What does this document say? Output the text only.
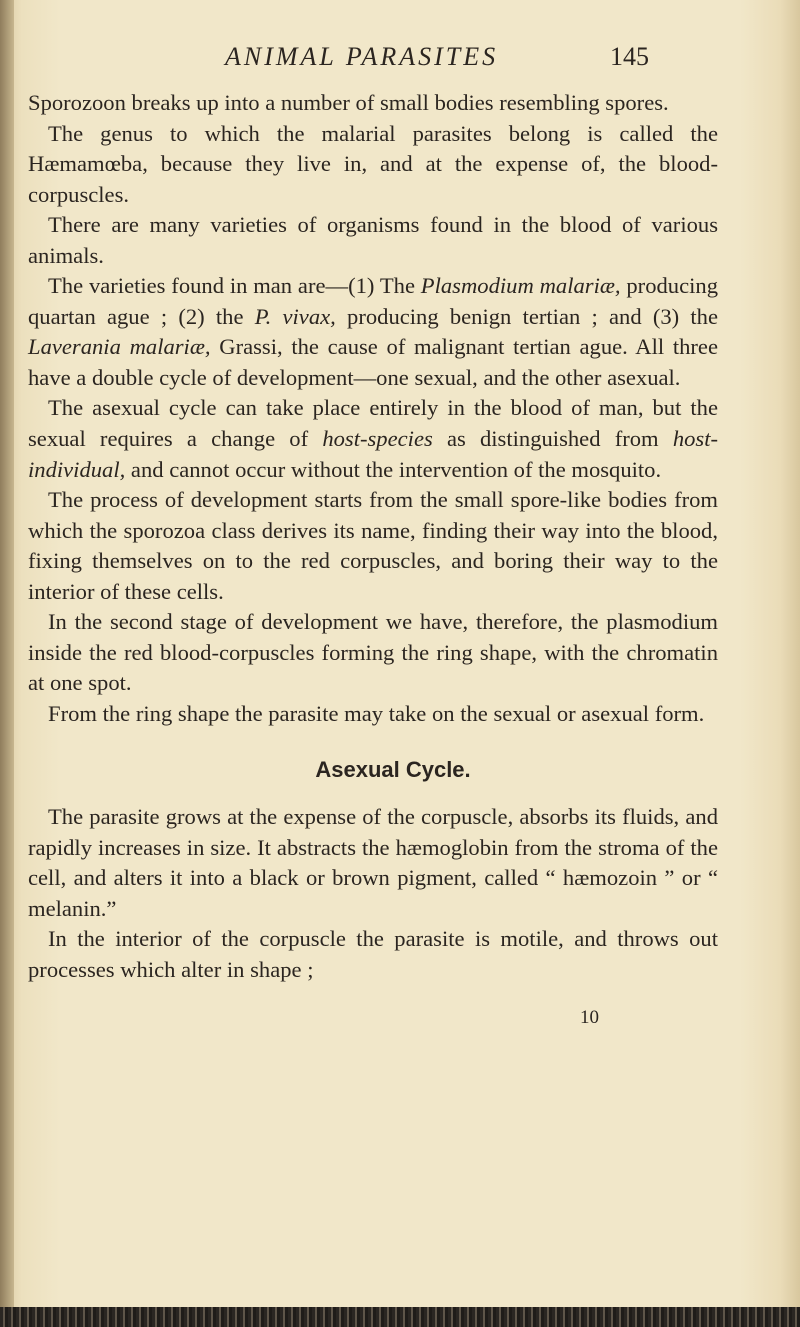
ANIMAL PARASITES	145

Sporozoon breaks up into a number of small bodies resembling spores.

The genus to which the malarial parasites belong is called the Hæmamœba, because they live in, and at the expense of, the blood-corpuscles.

There are many varieties of organisms found in the blood of various animals.

The varieties found in man are—(1) The Plasmodium malariæ, producing quartan ague ; (2) the P. vivax, producing benign tertian ; and (3) the Laverania malariæ, Grassi, the cause of malignant tertian ague. All three have a double cycle of development—one sexual, and the other asexual.

The asexual cycle can take place entirely in the blood of man, but the sexual requires a change of host-species as distinguished from host-individual, and cannot occur without the intervention of the mosquito.

The process of development starts from the small spore-like bodies from which the sporozoa class derives its name, finding their way into the blood, fixing themselves on to the red corpuscles, and boring their way to the interior of these cells.

In the second stage of development we have, therefore, the plasmodium inside the red blood-corpuscles forming the ring shape, with the chromatin at one spot.

From the ring shape the parasite may take on the sexual or asexual form.

Asexual Cycle.

The parasite grows at the expense of the corpuscle, absorbs its fluids, and rapidly increases in size. It abstracts the hæmoglobin from the stroma of the cell, and alters it into a black or brown pigment, called “ hæmozoin ” or “ melanin.”

In the interior of the corpuscle the parasite is motile, and throws out processes which alter in shape ;

10
